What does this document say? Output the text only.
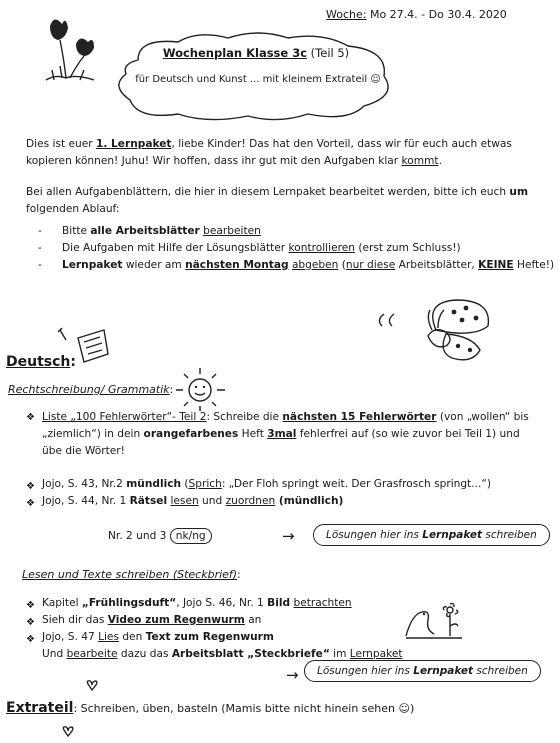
Woche: Mo 27.4. - Do 30.4. 2020
Wochenplan Klasse 3c (Teil 5)
für Deutsch und Kunst ... mit kleinem Extrateil ☺
Dies ist euer 1. Lernpaket, liebe Kinder! Das hat den Vorteil, dass wir für euch auch etwas
kopieren können! Juhu! Wir hoffen, dass ihr gut mit den Aufgaben klar kommt.
Bei allen Aufgabenblättern, die hier in diesem Lernpaket bearbeitet werden, bitte ich euch um
folgenden Ablauf:
- Bitte alle Arbeitsblätter bearbeiten
- Die Aufgaben mit Hilfe der Lösungsblätter kontrollieren (erst zum Schluss!)
- Lernpaket wieder am nächsten Montag abgeben (nur diese Arbeitsblätter, KEINE Hefte!)
Deutsch:
Rechtschreibung/ Grammatik:
❖ Liste „100 Fehlerwörter“- Teil 2: Schreibe die nächsten 15 Fehlerwörter (von „wollen“ bis
„ziemlich“) in dein orangefarbenes Heft 3mal fehlerfrei auf (so wie zuvor bei Teil 1) und
übe die Wörter!
❖ Jojo, S. 43, Nr.2 mündlich (Sprich: „Der Floh springt weit. Der Grasfrosch springt...“)
❖ Jojo, S. 44, Nr. 1 Rätsel lesen und zuordnen (mündlich)
Nr. 2 und 3 nk/ng	→	Lösungen hier ins Lernpaket schreiben
Lesen und Texte schreiben (Steckbrief):
❖ Kapitel „Frühlingsduft“, Jojo S. 46, Nr. 1 Bild betrachten
❖ Sieh dir das Video zum Regenwurm an
❖ Jojo, S. 47 Lies den Text zum Regenwurm
Und bearbeite dazu das Arbeitsblatt „Steckbriefe“ im Lernpaket
→	Lösungen hier ins Lernpaket schreiben
Extrateil: Schreiben, üben, basteln (Mamis bitte nicht hinein sehen ☺)
